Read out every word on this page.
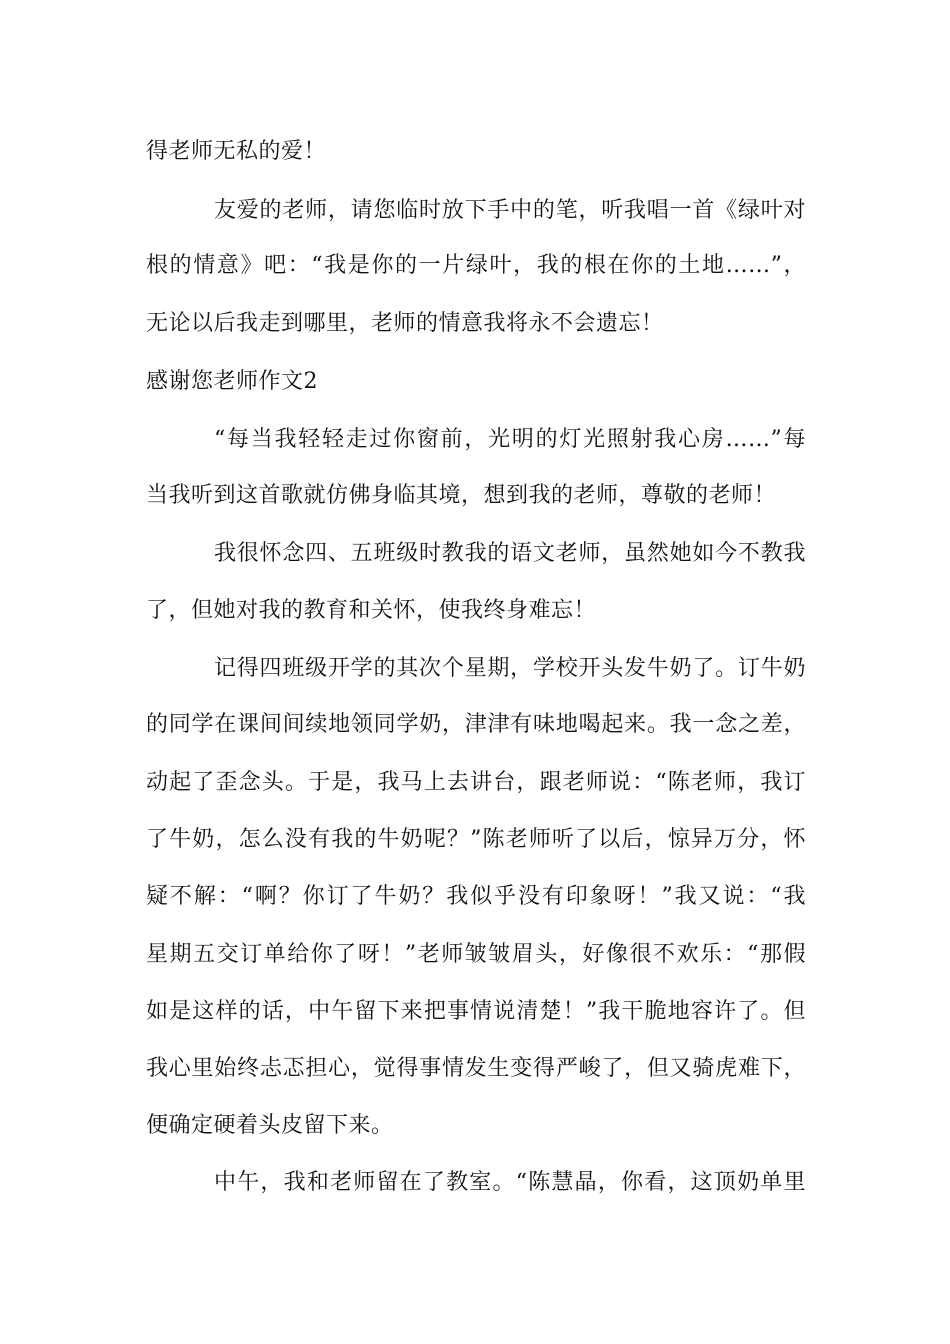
得老师无私的爱！
友爱的老师，请您临时放下手中的笔，听我唱一首《绿叶对
根的情意》吧：“我是你的一片绿叶，我的根在你的土地……”，
无论以后我走到哪里，老师的情意我将永不会遗忘！
感谢您老师作文2
“每当我轻轻走过你窗前，光明的灯光照射我心房……”每
当我听到这首歌就仿佛身临其境，想到我的老师，尊敬的老师！
我很怀念四、五班级时教我的语文老师，虽然她如今不教我
了，但她对我的教育和关怀，使我终身难忘！
记得四班级开学的其次个星期，学校开头发牛奶了。订牛奶
的同学在课间间续地领同学奶，津津有味地喝起来。我一念之差，
动起了歪念头。于是，我马上去讲台，跟老师说：“陈老师，我订
了牛奶，怎么没有我的牛奶呢？”陈老师听了以后，惊异万分，怀
疑不解：“啊？你订了牛奶？我似乎没有印象呀！”我又说：“我
星期五交订单给你了呀！”老师皱皱眉头，好像很不欢乐：“那假
如是这样的话，中午留下来把事情说清楚！”我干脆地容许了。但
我心里始终忐忑担心，觉得事情发生变得严峻了，但又骑虎难下，
便确定硬着头皮留下来。
中午，我和老师留在了教室。“陈慧晶，你看，这顶奶单里
